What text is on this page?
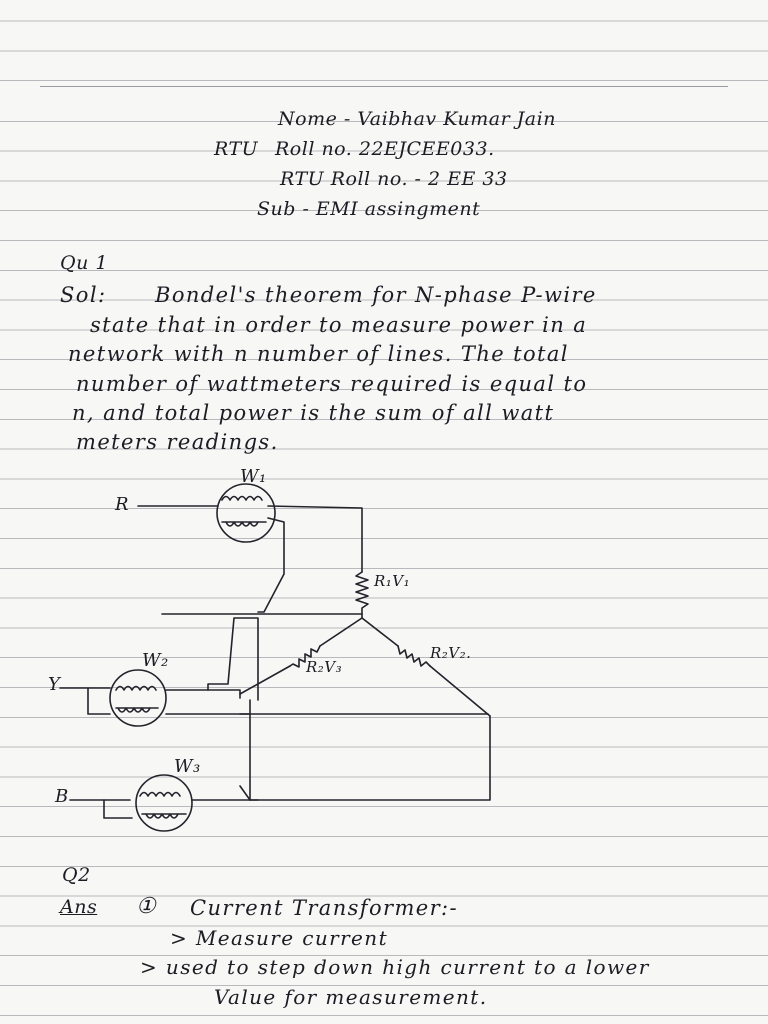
Nome - Vaibhav Kumar Jain
RTU Roll no. 22EJCEE033.
RTU Roll no. - 2 EE 33
Sub - EMI assingment
Qu 1
Sol: Bondel's theorem for N-phase P-wire
state that in order to measure power in a
network with n number of lines. The total
number of wattmeters required is equal to
n, and total power is the sum of all watt
meters readings.
W₁
R
R₁V₁
R₂V₃
R₂V₂.
W₂
Y
W₃
B
Q2
Ans ① Current Transformer:-
> Measure current
> used to step down high current to a lower
Value for measurement.
